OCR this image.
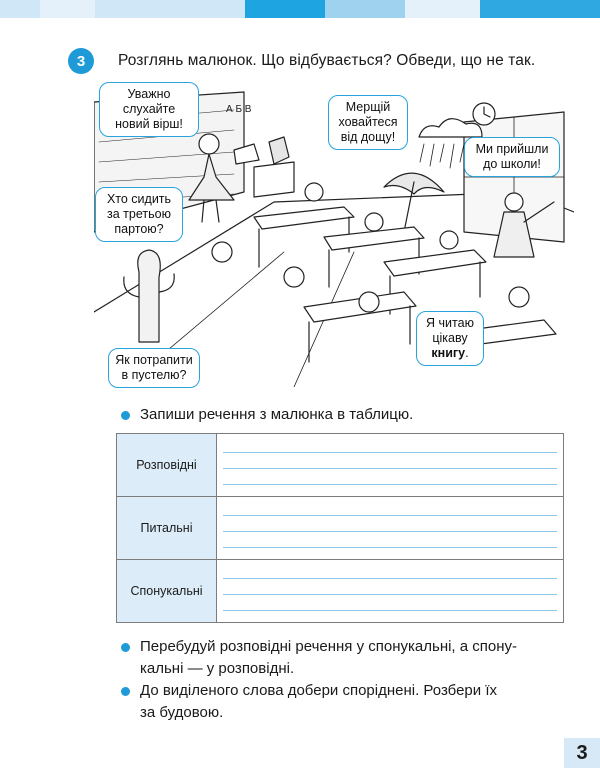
3	Розглянь малюнок. Що відбувається? Обведи, що не так.
А Б В
Уважно слухайте
новий вірш!
Мерщій
ховайтеся
від дощу!
Ми прийшли
до школи!
Хто сидить
за третьою
партою?
Як потрапити
в пустелю?
Я читаю
цікаву
книгу.
Запиши речення з малюнка в таблицю.
Розповідні	

Питальні	

Спонукальні	
Перебудуй розповідні речення у спонукальні, а спону-
кальні — у розповідні.
До виділеного слова добери споріднені. Розбери їх
за будовою.
3
